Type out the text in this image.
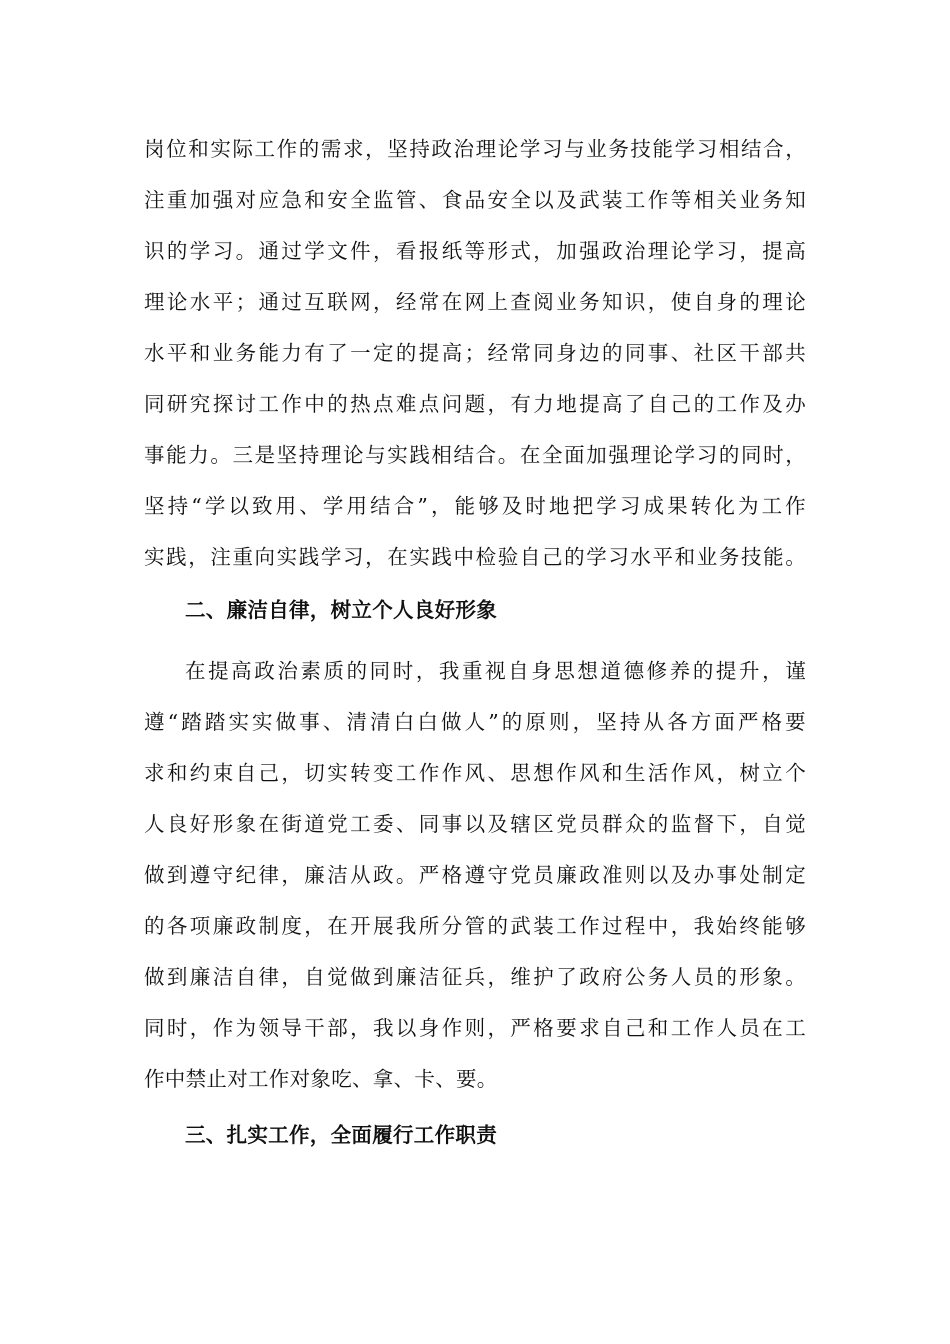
岗位和实际工作的需求，坚持政治理论学习与业务技能学习相结合，
注重加强对应急和安全监管、食品安全以及武装工作等相关业务知
识的学习。通过学文件，看报纸等形式，加强政治理论学习，提高
理论水平；通过互联网，经常在网上查阅业务知识，使自身的理论
水平和业务能力有了一定的提高；经常同身边的同事、社区干部共
同研究探讨工作中的热点难点问题，有力地提高了自己的工作及办
事能力。三是坚持理论与实践相结合。在全面加强理论学习的同时，
坚持“学以致用、学用结合”，能够及时地把学习成果转化为工作
实践，注重向实践学习，在实践中检验自己的学习水平和业务技能。
二、廉洁自律，树立个人良好形象
在提高政治素质的同时，我重视自身思想道德修养的提升，谨
遵“踏踏实实做事、清清白白做人”的原则，坚持从各方面严格要
求和约束自己，切实转变工作作风、思想作风和生活作风，树立个
人良好形象在街道党工委、同事以及辖区党员群众的监督下，自觉
做到遵守纪律，廉洁从政。严格遵守党员廉政准则以及办事处制定
的各项廉政制度，在开展我所分管的武装工作过程中，我始终能够
做到廉洁自律，自觉做到廉洁征兵，维护了政府公务人员的形象。
同时，作为领导干部，我以身作则，严格要求自己和工作人员在工
作中禁止对工作对象吃、拿、卡、要。
三、扎实工作，全面履行工作职责
